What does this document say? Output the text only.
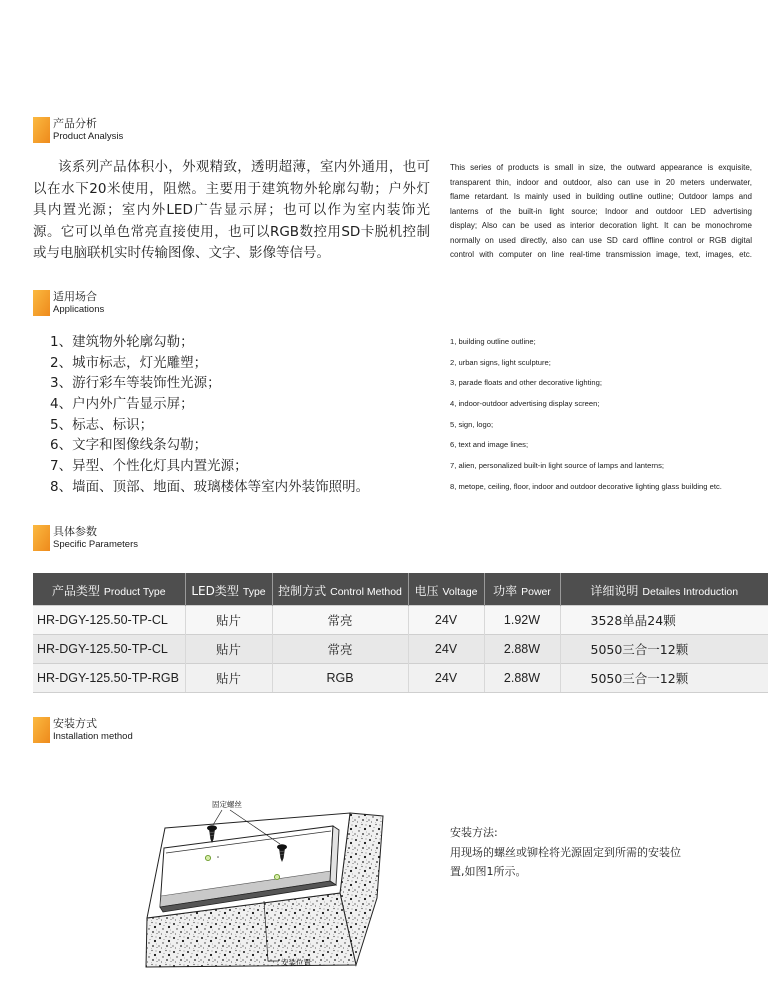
产品分析
Product Analysis
该系列产品体积小，外观精致，透明超薄，室内外通用，也可
以在水下20米使用，阻燃。主要用于建筑物外轮廓勾勒；户外灯
具内置光源；室内外LED广告显示屏；也可以作为室内装饰光
源。它可以单色常亮直接使用，也可以RGB数控用SD卡脱机控制
或与电脑联机实时传输图像、文字、影像等信号。
This series of products is small in size, the outward appearance is exquisite,
transparent thin, indoor and outdoor, also can use in 20 meters underwater,
flame retardant. Is mainly used in building outline outline; Outdoor lamps and
lanterns of the built-in light source; Indoor and outdoor LED advertising
display; Also can be used as interior decoration light. It can be monochrome
normally on used directly, also can use SD card offline control or RGB digital
control with computer on line real-time transmission image, text, images, etc.
适用场合
Applications
1、建筑物外轮廓勾勒；
2、城市标志，灯光雕塑；
3、游行彩车等装饰性光源；
4、户内外广告显示屏；
5、标志、标识；
6、文字和图像线条勾勒；
7、异型、个性化灯具内置光源；
8、墙面、顶部、地面、玻璃楼体等室内外装饰照明。
1, building outline outline;
2, urban signs, light sculpture;
3, parade floats and other decorative lighting;
4, indoor-outdoor advertising display screen;
5, sign, logo;
6, text and image lines;
7, alien, personalized built-in light source of lamps and lanterns;
8, metope, ceiling, floor, indoor and outdoor decorative lighting glass building etc.
具体参数
Specific Parameters
产品类型 Product Type	LED类型 Type	控制方式 Control Method	电压 Voltage	功率 Power	详细说明 Detailes Introduction
HR-DGY-125.50-TP-CL	贴片	常亮	24V	1.92W	3528单晶24颗
HR-DGY-125.50-TP-CL	贴片	常亮	24V	2.88W	5050三合一12颗
HR-DGY-125.50-TP-RGB	贴片	RGB	24V	2.88W	5050三合一12颗
安装方式
Installation method
固定螺丝
安装位置
安装方法:
用现场的螺丝或铆栓将光源固定到所需的安装位
置,如图1所示。
